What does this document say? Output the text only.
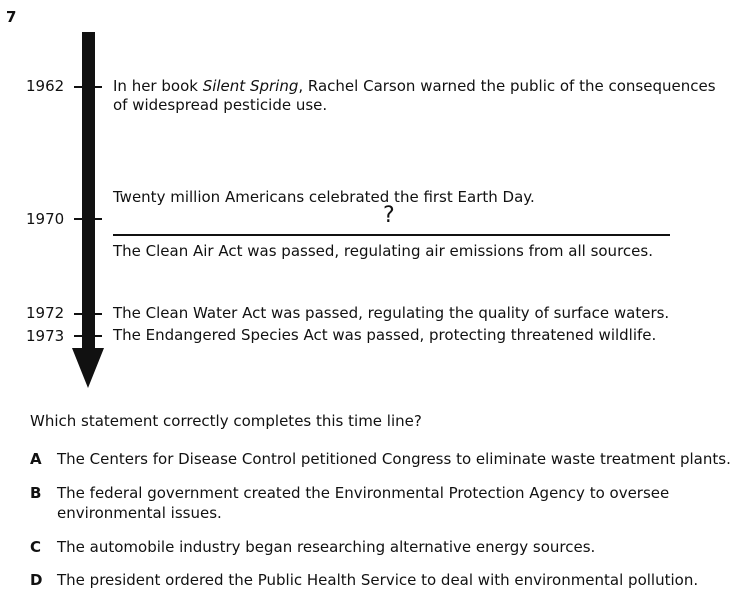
7
1962
1970
1972
1973
In her book Silent Spring, Rachel Carson warned the public of the consequences
of widespread pesticide use.
Twenty million Americans celebrated the first Earth Day.
?
The Clean Air Act was passed, regulating air emissions from all sources.
The Clean Water Act was passed, regulating the quality of surface waters.
The Endangered Species Act was passed, protecting threatened wildlife.
Which statement correctly completes this time line?
A The Centers for Disease Control petitioned Congress to eliminate waste treatment plants.
B The federal government created the Environmental Protection Agency to oversee
environmental issues.
C The automobile industry began researching alternative energy sources.
D The president ordered the Public Health Service to deal with environmental pollution.
